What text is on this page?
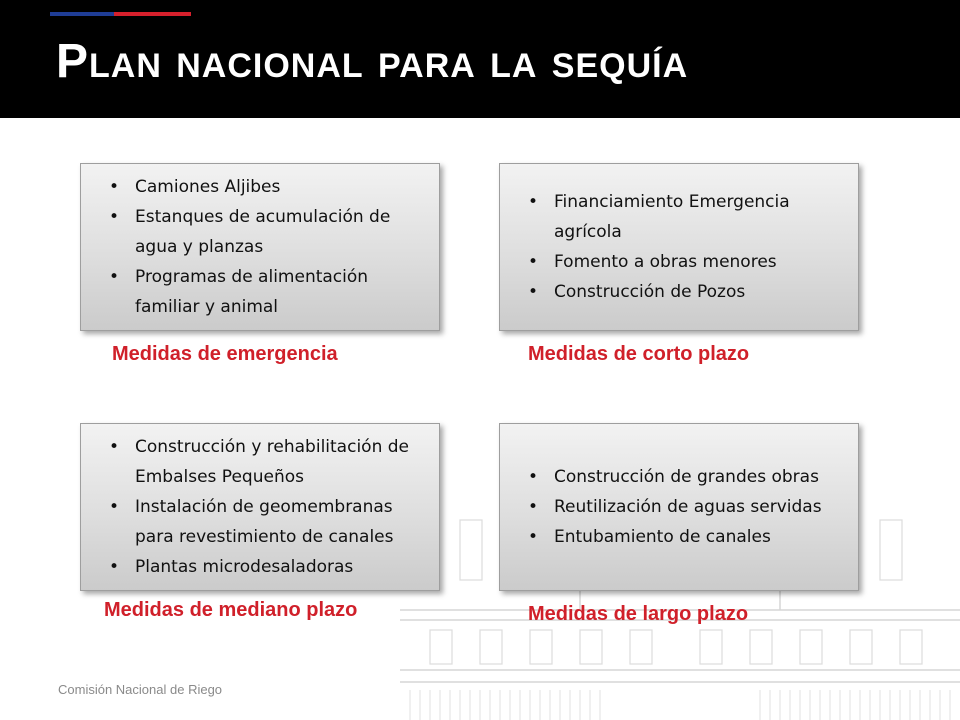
Plan nacional para la sequía
• Camiones Aljibes
• Estanques de acumulación de agua y planzas
• Programas de alimentación familiar y animal
Medidas de emergencia
• Financiamiento Emergencia agrícola
• Fomento a obras menores
• Construcción de Pozos
Medidas de corto plazo
• Construcción y rehabilitación de Embalses Pequeños
• Instalación de geomembranas para revestimiento de canales
• Plantas microdesaladoras
Medidas de mediano plazo
• Construcción de grandes obras
• Reutilización de aguas servidas
• Entubamiento de canales
Medidas de largo plazo
Comisión Nacional de Riego
